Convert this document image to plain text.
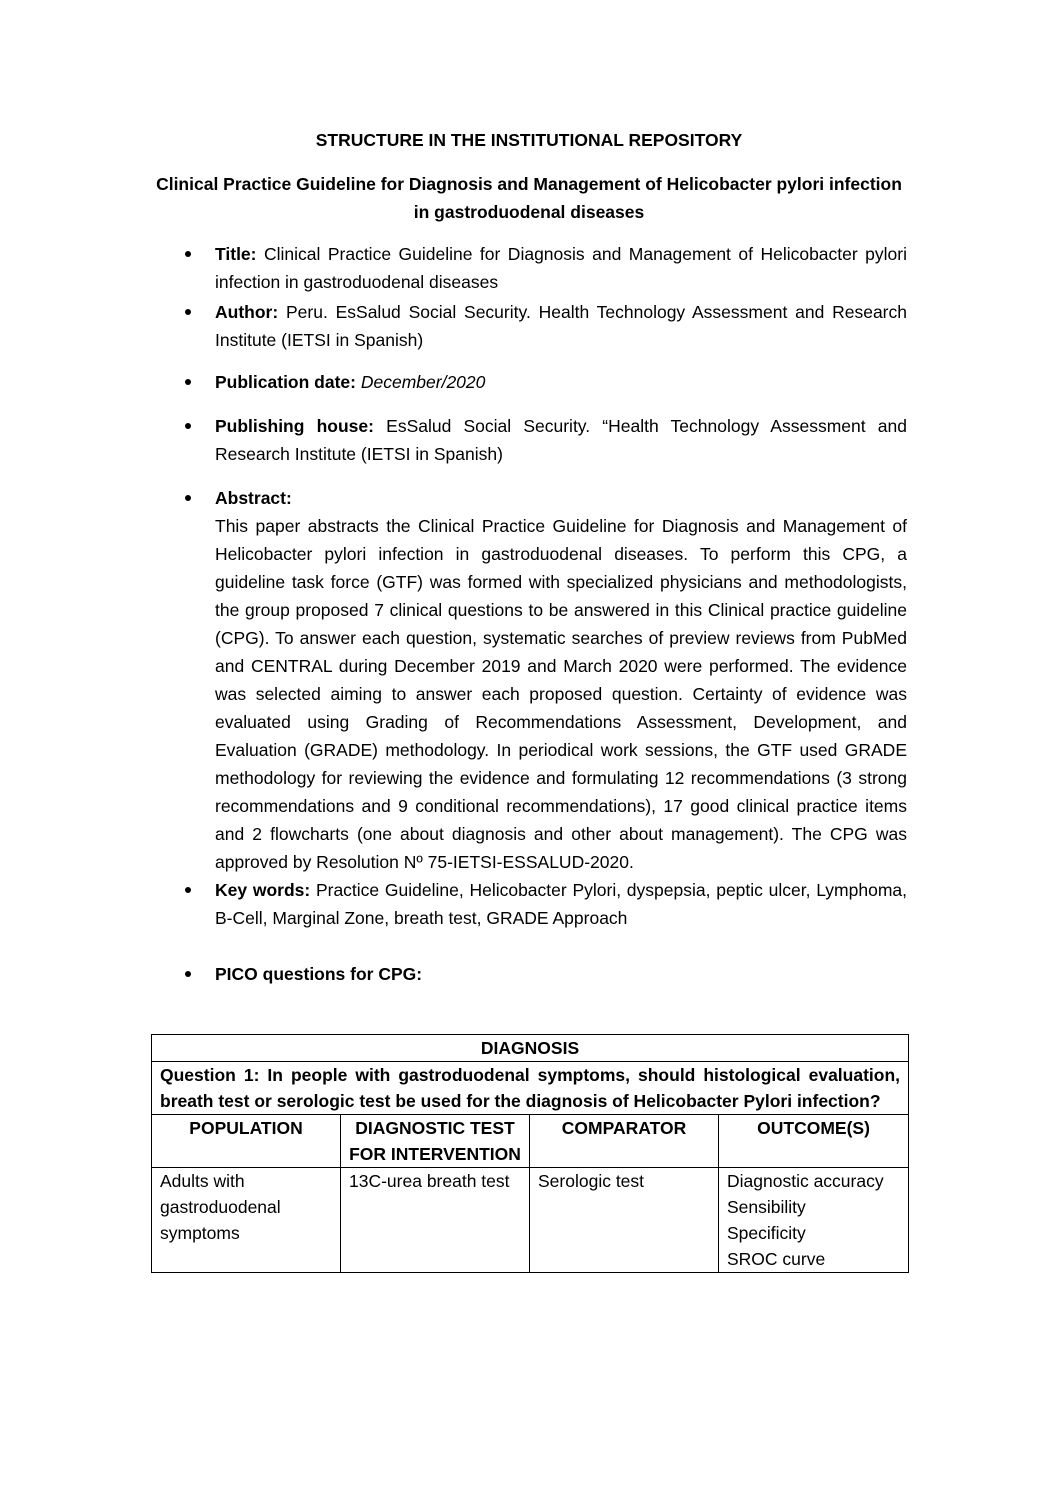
STRUCTURE IN THE INSTITUTIONAL REPOSITORY
Clinical Practice Guideline for Diagnosis and Management of Helicobacter pylori infection in gastroduodenal diseases
Title: Clinical Practice Guideline for Diagnosis and Management of Helicobacter pylori infection in gastroduodenal diseases
Author: Peru. EsSalud Social Security. Health Technology Assessment and Research Institute (IETSI in Spanish)
Publication date: December/2020
Publishing house: EsSalud Social Security. “Health Technology Assessment and Research Institute (IETSI in Spanish)
Abstract:
This paper abstracts the Clinical Practice Guideline for Diagnosis and Management of Helicobacter pylori infection in gastroduodenal diseases. To perform this CPG, a guideline task force (GTF) was formed with specialized physicians and methodologists, the group proposed 7 clinical questions to be answered in this Clinical practice guideline (CPG). To answer each question, systematic searches of preview reviews from PubMed and CENTRAL during December 2019 and March 2020 were performed. The evidence was selected aiming to answer each proposed question. Certainty of evidence was evaluated using Grading of Recommendations Assessment, Development, and Evaluation (GRADE) methodology. In periodical work sessions, the GTF used GRADE methodology for reviewing the evidence and formulating 12 recommendations (3 strong recommendations and 9 conditional recommendations), 17 good clinical practice items and 2 flowcharts (one about diagnosis and other about management). The CPG was approved by Resolution Nº 75-IETSI-ESSALUD-2020.
Key words: Practice Guideline, Helicobacter Pylori, dyspepsia, peptic ulcer, Lymphoma, B-Cell, Marginal Zone, breath test, GRADE Approach
PICO questions for CPG:
DIAGNOSIS			
Question 1: In people with gastroduodenal symptoms, should histological evaluation, breath test or serologic test be used for the diagnosis of Helicobacter Pylori infection?			
POPULATION	DIAGNOSTIC TEST FOR INTERVENTION	COMPARATOR	OUTCOME(S)
Adults with gastroduodenal symptoms	13C-urea breath test	Serologic test	Diagnostic accuracy
Sensibility
Specificity
SROC curve
